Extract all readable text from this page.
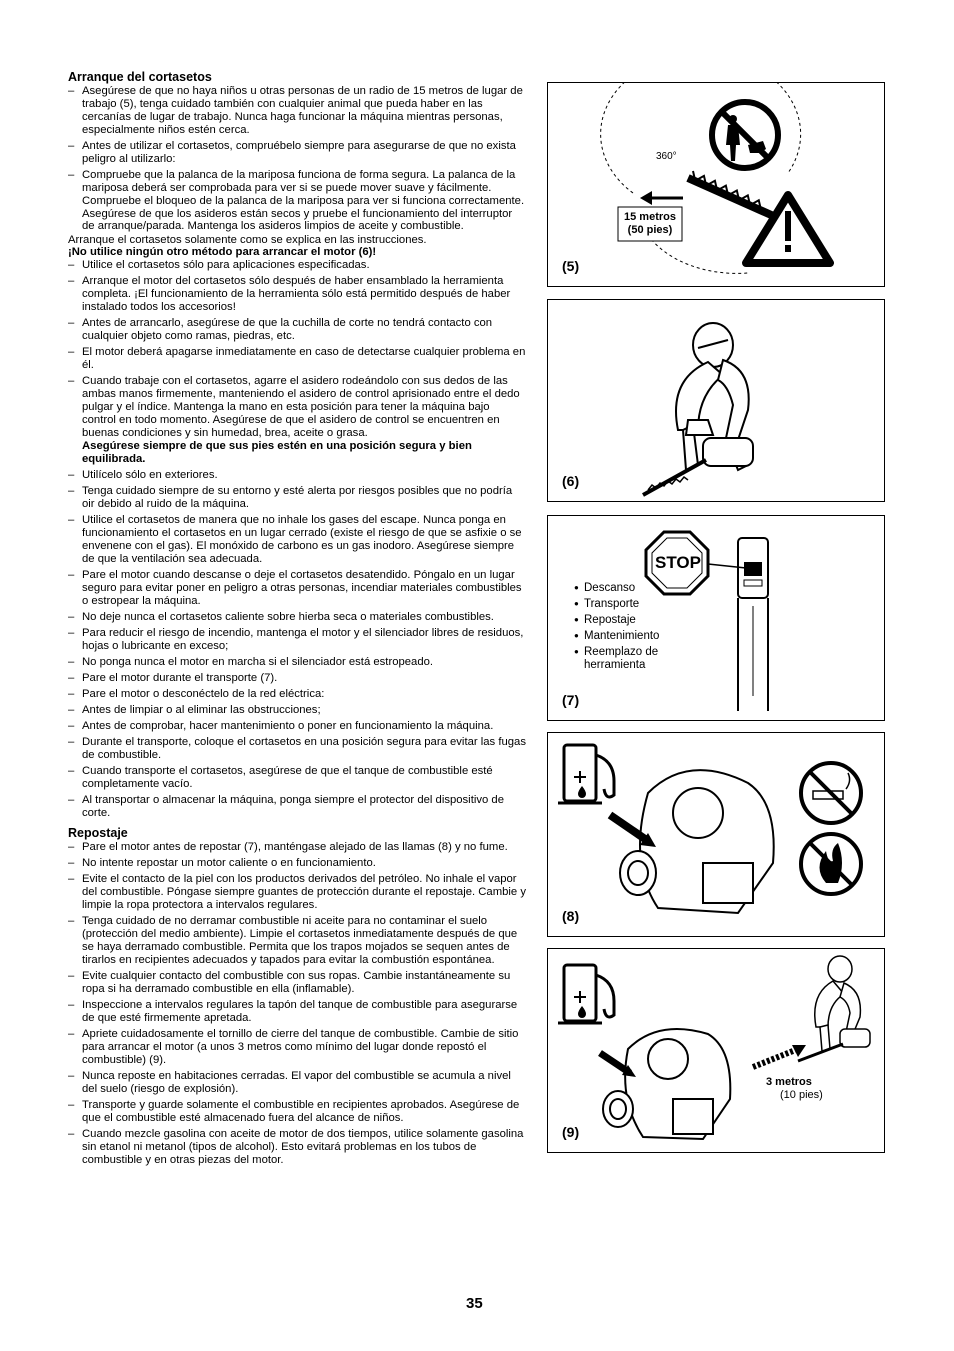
Arranque del cortasetos
– Asegúrese de que no haya niños u otras personas de un radio de 15 metros de lugar de trabajo (5), tenga cuidado también con cualquier animal que pueda haber en las cercanías de lugar de trabajo. Nunca haga funcionar la máquina mientras personas, especialmente niños estén cerca.
– Antes de utilizar el cortasetos, compruébelo siempre para asegurarse de que no exista peligro al utilizarlo:
– Compruebe que la palanca de la mariposa funciona de forma segura. La palanca de la mariposa deberá ser comprobada para ver si se puede mover suave y fácilmente. Compruebe el bloqueo de la palanca de la mariposa para ver si funciona correctamente. Asegúrese de que los asideros están secos y pruebe el funcionamiento del interruptor de arranque/parada. Mantenga los asideros limpios de aceite y combustible.

Arranque el cortasetos solamente como se explica en las instrucciones.

¡No utilice ningún otro método para arrancar el motor (6)!

– Utilice el cortasetos sólo para aplicaciones especificadas.
– Arranque el motor del cortasetos sólo después de haber ensamblado la herramienta completa. ¡El funcionamiento de la herramienta sólo está permitido después de haber instalado todos los accesorios!
– Antes de arrancarlo, asegúrese de que la cuchilla de corte no tendrá contacto con cualquier objeto como ramas, piedras, etc.
– El motor deberá apagarse inmediatamente en caso de detectarse cualquier problema en él.
– Cuando trabaje con el cortasetos, agarre el asidero rodeándolo con sus dedos de las ambas manos firmemente, manteniendo el asidero de control aprisionado entre el dedo pulgar y el índice. Mantenga la mano en esta posición para tener la máquina bajo control en todo momento. Asegúrese de que el asidero de control se encuentren en buenas condiciones y sin humedad, brea, aceite o grasa.
Asegúrese siempre de que sus pies estén en una posición segura y bien equilibrada.
– Utilícelo sólo en exteriores.
– Tenga cuidado siempre de su entorno y esté alerta por riesgos posibles que no podría oir debido al ruido de la máquina.
– Utilice el cortasetos de manera que no inhale los gases del escape. Nunca ponga en funcionamiento el cortasetos en un lugar cerrado (existe el riesgo de que se asfixie o se envenene con el gas). El monóxido de carbono es un gas inodoro. Asegúrese siempre de que la ventilación sea adecuada.
– Pare el motor cuando descanse o deje el cortasetos desatendido. Póngalo en un lugar seguro para evitar poner en peligro a otras personas, incendiar materiales combustibles o estropear la máquina.
– No deje nunca el cortasetos caliente sobre hierba seca o materiales combustibles.
– Para reducir el riesgo de incendio, mantenga el motor y el silenciador libres de residuos, hojas o lubricante en exceso;
– No ponga nunca el motor en marcha si el silenciador está estropeado.
– Pare el motor durante el transporte (7).
– Pare el motor o desconéctelo de la red eléctrica:
– Antes de limpiar o al eliminar las obstrucciones;
– Antes de comprobar, hacer mantenimiento o poner en funcionamiento la máquina.
– Durante el transporte, coloque el cortasetos en una posición segura para evitar las fugas de combustible.
– Cuando transporte el cortasetos, asegúrese de que el tanque de combustible esté completamente vacío.
– Al transportar o almacenar la máquina, ponga siempre el protector del dispositivo de corte.
Repostaje
– Pare el motor antes de repostar (7), manténgase alejado de las llamas (8) y no fume.
– No intente repostar un motor caliente o en funcionamiento.
– Evite el contacto de la piel con los productos derivados del petróleo. No inhale el vapor del combustible. Póngase siempre guantes de protección durante el repostaje. Cambie y limpie la ropa protectora a intervalos regulares.
– Tenga cuidado de no derramar combustible ni aceite para no contaminar el suelo (protección del medio ambiente). Limpie el cortasetos inmediatamente después de que se haya derramado combustible. Permita que los trapos mojados se sequen antes de tirarlos en recipientes adecuados y tapados para evitar la combustión espontánea.
– Evite cualquier contacto del combustible con sus ropas. Cambie instantáneamente su ropa si ha derramado combustible en ella (inflamable).
– Inspeccione a intervalos regulares la tapón del tanque de combustible para asegurarse de que esté firmemente apretada.
– Apriete cuidadosamente el tornillo de cierre del tanque de combustible. Cambie de sitio para arrancar el motor (a unos 3 metros como mínimo del lugar donde repostó el combustible) (9).
– Nunca reposte en habitaciones cerradas. El vapor del combustible se acumula a nivel del suelo (riesgo de explosión).
– Transporte y guarde solamente el combustible en recipientes aprobados. Asegúrese de que el combustible esté almacenado fuera del alcance de niños.
– Cuando mezcle gasolina con aceite de motor de dos tiempos, utilice solamente gasolina sin etanol ni metanol (tipos de alcohol). Esto evitará problemas en los tubos de combustible y en otras piezas del motor.
360°
15 metros
(50 pies)
(5)
(6)
STOP
● Descanso
● Transporte
● Repostaje
● Mantenimiento
● Reemplazo de
herramienta
(7)
(8)
3 metros
(10 pies)
(9)
35
